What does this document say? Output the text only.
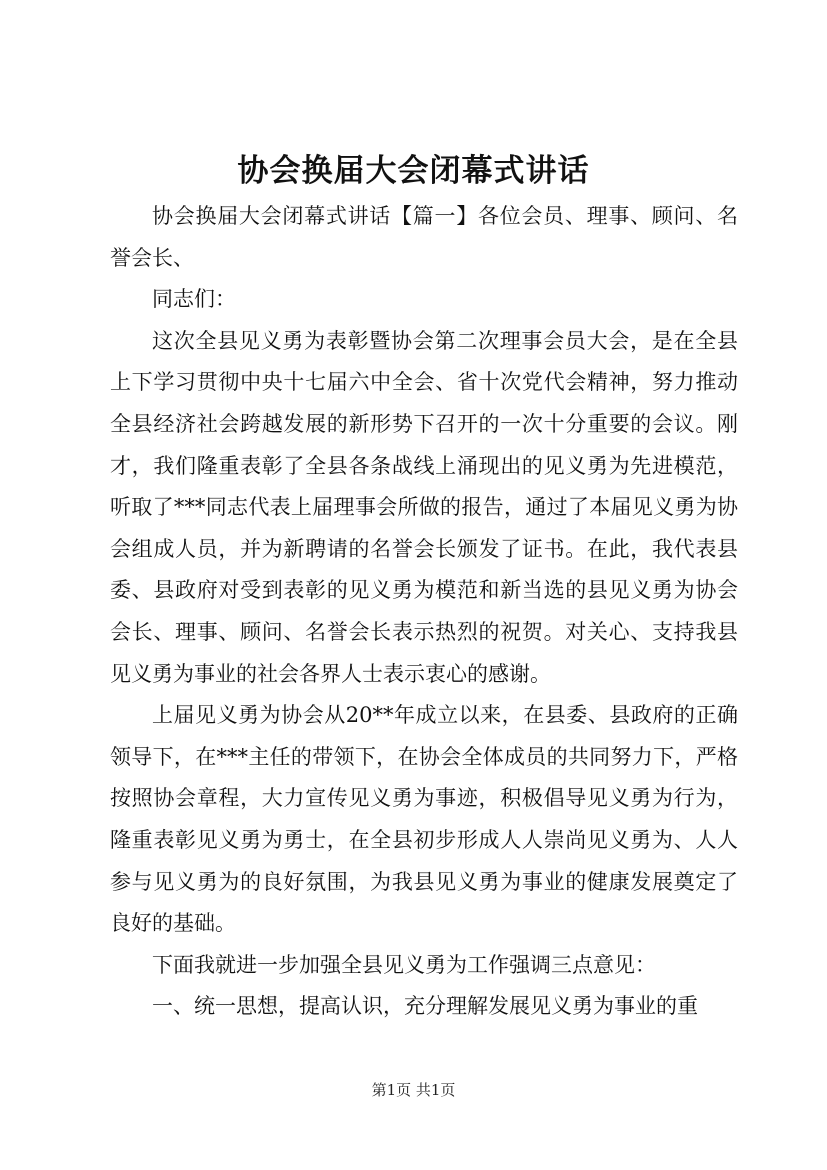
协会换届大会闭幕式讲话

协会换届大会闭幕式讲话【篇一】各位会员、理事、顾问、名誉会长、

同志们：

这次全县见义勇为表彰暨协会第二次理事会员大会，是在全县上下学习贯彻中央十七届六中全会、省十次党代会精神，努力推动全县经济社会跨越发展的新形势下召开的一次十分重要的会议。刚才，我们隆重表彰了全县各条战线上涌现出的见义勇为先进模范，听取了***同志代表上届理事会所做的报告，通过了本届见义勇为协会组成人员，并为新聘请的名誉会长颁发了证书。在此，我代表县委、县政府对受到表彰的见义勇为模范和新当选的县见义勇为协会会长、理事、顾问、名誉会长表示热烈的祝贺。对关心、支持我县见义勇为事业的社会各界人士表示衷心的感谢。

上届见义勇为协会从20**年成立以来，在县委、县政府的正确领导下，在***主任的带领下，在协会全体成员的共同努力下，严格按照协会章程，大力宣传见义勇为事迹，积极倡导见义勇为行为，隆重表彰见义勇为勇士，在全县初步形成人人崇尚见义勇为、人人参与见义勇为的良好氛围，为我县见义勇为事业的健康发展奠定了良好的基础。

下面我就进一步加强全县见义勇为工作强调三点意见：

一、统一思想，提高认识，充分理解发展见义勇为事业的重

第1页 共1页
